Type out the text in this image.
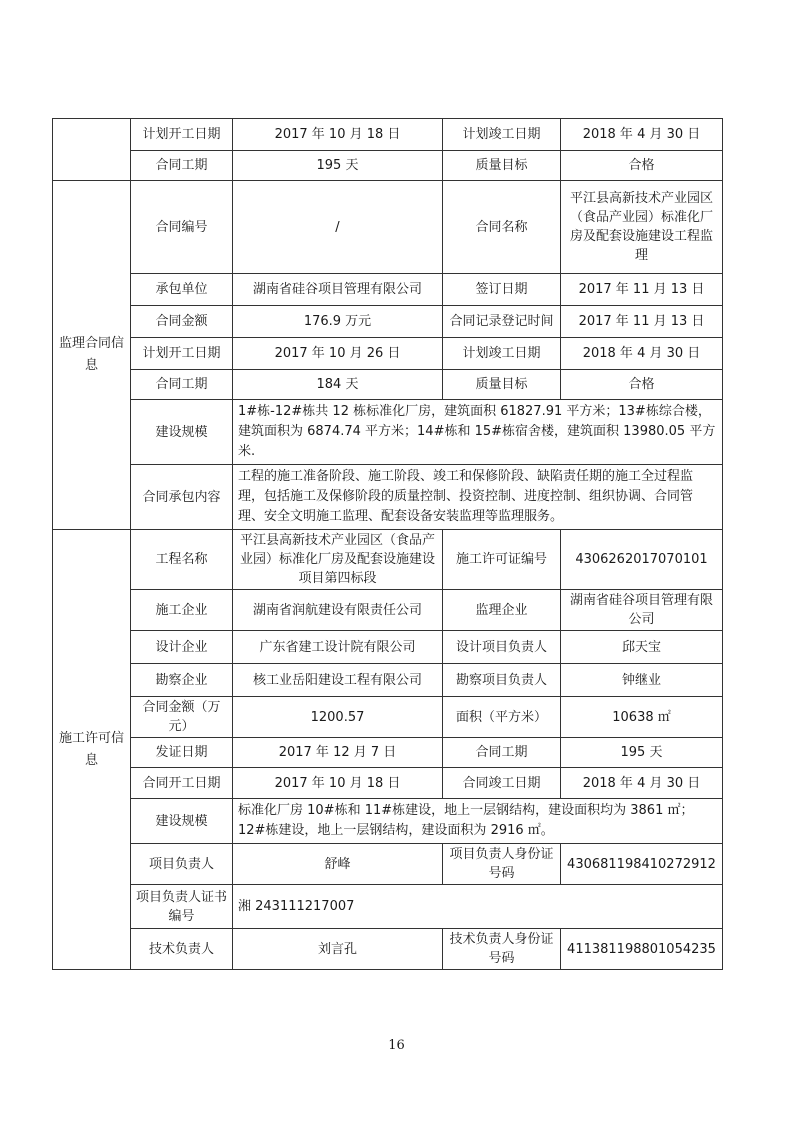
	计划开工日期	2017 年 10 月 18 日	计划竣工日期	2018 年 4 月 30 日
	合同工期	195 天	质量目标	合格
监理合同信息	合同编号	/	合同名称	平江县高新技术产业园区（食品产业园）标准化厂房及配套设施建设工程监理
	承包单位	湖南省硅谷项目管理有限公司	签订日期	2017 年 11 月 13 日
	合同金额	176.9 万元	合同记录登记时间	2017 年 11 月 13 日
	计划开工日期	2017 年 10 月 26 日	计划竣工日期	2018 年 4 月 30 日
	合同工期	184 天	质量目标	合格
	建设规模	1#栋-12#栋共 12 栋标准化厂房，建筑面积 61827.91 平方米；13#栋综合楼，建筑面积为 6874.74 平方米；14#栋和 15#栋宿舍楼，建筑面积 13980.05 平方米.		
	合同承包内容	工程的施工准备阶段、施工阶段、竣工和保修阶段、缺陷责任期的施工全过程监理，包括施工及保修阶段的质量控制、投资控制、进度控制、组织协调、合同管理、安全文明施工监理、配套设备安装监理等监理服务。		
施工许可信息	工程名称	平江县高新技术产业园区（食品产业园）标准化厂房及配套设施建设项目第四标段	施工许可证编号	4306262017070101
	施工企业	湖南省润航建设有限责任公司	监理企业	湖南省硅谷项目管理有限公司
	设计企业	广东省建工设计院有限公司	设计项目负责人	邱天宝
	勘察企业	核工业岳阳建设工程有限公司	勘察项目负责人	钟继业
	合同金额（万元）	1200.57	面积（平方米）	10638 ㎡
	发证日期	2017 年 12 月 7 日	合同工期	195 天
	合同开工日期	2017 年 10 月 18 日	合同竣工日期	2018 年 4 月 30 日
	建设规模	标准化厂房 10#栋和 11#栋建设，地上一层钢结构，建设面积均为 3861 ㎡；12#栋建设，地上一层钢结构，建设面积为 2916 ㎡。		
	项目负责人	舒峰	项目负责人身份证号码	430681198410272912
	项目负责人证书编号	湘 243111217007		
	技术负责人	刘言孔	技术负责人身份证号码	411381198801054235
16
